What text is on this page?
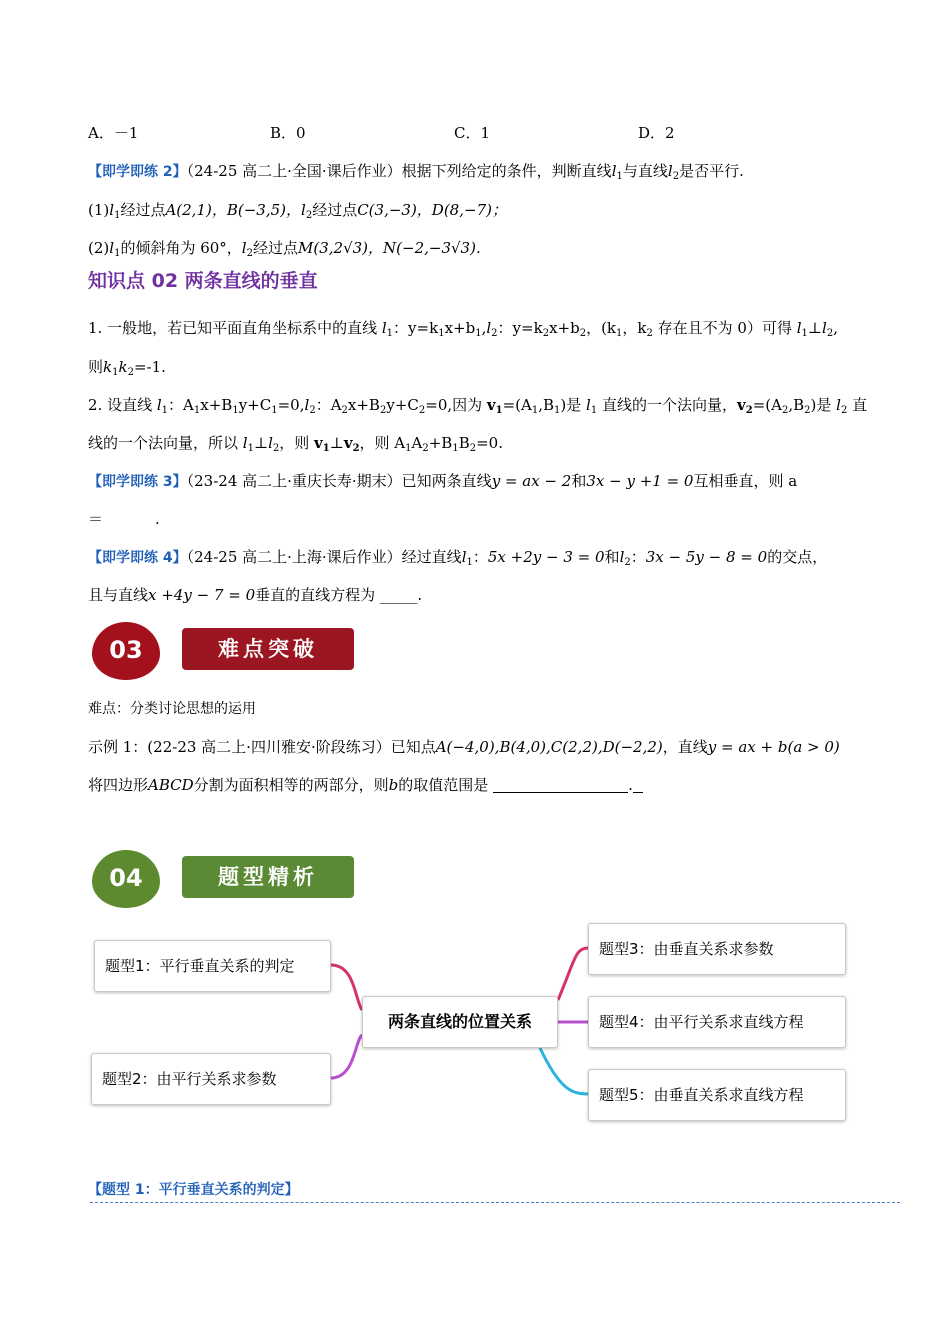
A．－1	B．0	C．1	D．2
【即学即练 2】（24-25 高二上·全国·课后作业）根据下列给定的条件，判断直线$l_1$与直线$l_2$是否平行.
$(1)l_1$经过点A(2,1)，B(−3,5)，$l_2$经过点C(3,−3)，D(8,−7)；
$(2)l_1$的倾斜角为 60°，$l_2$经过点M(3,2√3)，N(−2,−3√3).
知识点 02 两条直线的垂直
1. 一般地，若已知平面直角坐标系中的直线 $l_1$：$y=k_1x+b_1,l_2$：$y=k_2x+b_2$，($k_1$，$k_2$ 存在且不为 0）可得 $l_1\perp l_2$,
则$k_1k_2=-1$.
2. 设直线 $l_1$：$A_1x+B_1y+C_1=0,l_2$：$A_2x+B_2y+C_2=0$,因为 $v_1=(A_1,B_1)$是 $l_1$ 直线的一个法向量，$v_2=(A_2,B_2)$是 $l_2$ 直
线的一个法向量，所以 $l_1\perp l_2$，则 $v_1\perp v_2$，则 $A_1A_2+B_1B_2=0$.
【即学即练 3】（23-24 高二上·重庆长寿·期末）已知两条直线y = ax − 2和3x − y +1 = 0互相垂直，则 a
＝	.
【即学即练 4】（24-25 高二上·上海·课后作业）经过直线$l_1$：5x +2y − 3 = 0和$l_2$：3x − 5y − 8 = 0的交点，
且与直线x +4y − 7 = 0垂直的直线方程为 _____.
03	难点突破
难点：分类讨论思想的运用
示例 1：(22-23 高二上·四川雅安·阶段练习）已知点A(−4,0),B(4,0),C(2,2),D(−2,2)，直线y = ax + b(a > 0)
将四边形ABCD分割为面积相等的两部分，则b的取值范围是	.
04	题型精析
两条直线的位置关系
题型1：平行垂直关系的判定
题型2：由平行关系求参数
题型3：由垂直关系求参数
题型4：由平行关系求直线方程
题型5：由垂直关系求直线方程
【题型 1：平行垂直关系的判定】
